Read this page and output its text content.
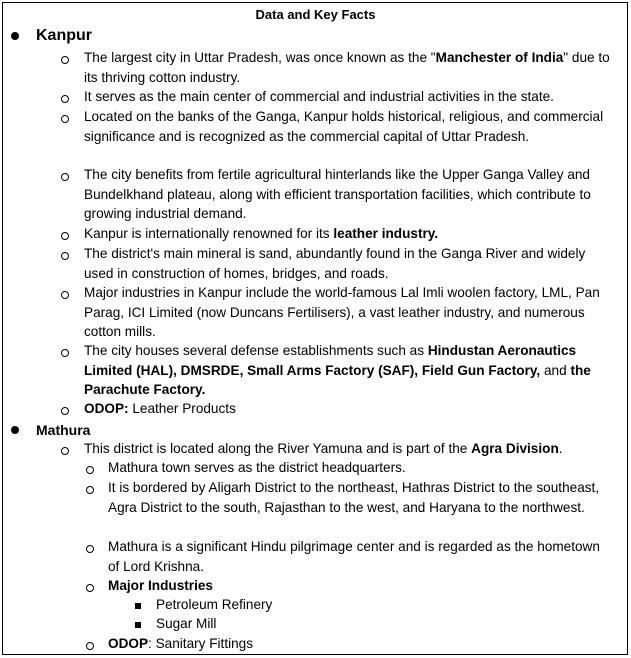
Data and Key Facts
Kanpur
The largest city in Uttar Pradesh, was once known as the "Manchester of India" due to its thriving cotton industry.
It serves as the main center of commercial and industrial activities in the state.
Located on the banks of the Ganga, Kanpur holds historical, religious, and commercial significance and is recognized as the commercial capital of Uttar Pradesh.
The city benefits from fertile agricultural hinterlands like the Upper Ganga Valley and Bundelkhand plateau, along with efficient transportation facilities, which contribute to growing industrial demand.
Kanpur is internationally renowned for its leather industry.
The district's main mineral is sand, abundantly found in the Ganga River and widely used in construction of homes, bridges, and roads.
Major industries in Kanpur include the world-famous Lal Imli woolen factory, LML, Pan Parag, ICI Limited (now Duncans Fertilisers), a vast leather industry, and numerous cotton mills.
The city houses several defense establishments such as Hindustan Aeronautics Limited (HAL), DMSRDE, Small Arms Factory (SAF), Field Gun Factory, and the Parachute Factory.
ODOP: Leather Products
Mathura
This district is located along the River Yamuna and is part of the Agra Division.
Mathura town serves as the district headquarters.
It is bordered by Aligarh District to the northeast, Hathras District to the southeast, Agra District to the south, Rajasthan to the west, and Haryana to the northwest.
Mathura is a significant Hindu pilgrimage center and is regarded as the hometown of Lord Krishna.
Major Industries
Petroleum Refinery
Sugar Mill
ODOP: Sanitary Fittings
